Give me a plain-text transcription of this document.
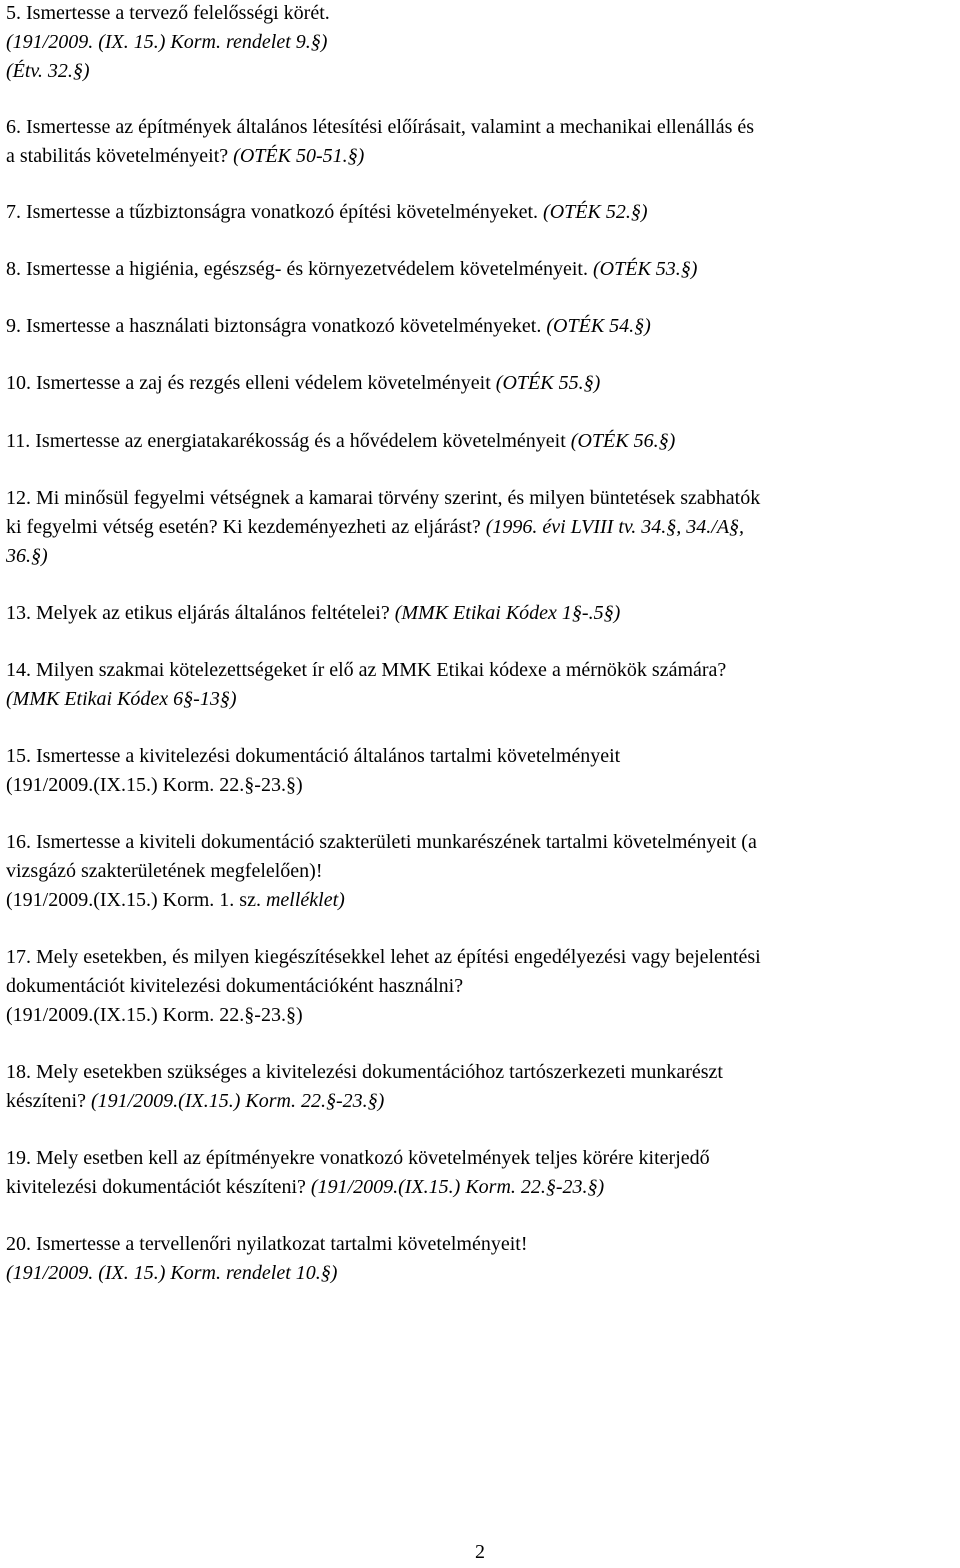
5. Ismertesse a tervező felelősségi körét.
(191/2009. (IX. 15.) Korm. rendelet 9.§)
(Étv. 32.§)
6. Ismertesse az építmények általános létesítési előírásait, valamint a mechanikai ellenállás és
a stabilitás követelményeit? (OTÉK 50-51.§)
7. Ismertesse a tűzbiztonságra vonatkozó építési követelményeket. (OTÉK 52.§)
8. Ismertesse a higiénia, egészség- és környezetvédelem követelményeit. (OTÉK 53.§)
9. Ismertesse a használati biztonságra vonatkozó követelményeket. (OTÉK 54.§)
10. Ismertesse a zaj és rezgés elleni védelem követelményeit (OTÉK 55.§)
11. Ismertesse az energiatakarékosság és a hővédelem követelményeit (OTÉK 56.§)
12. Mi minősül fegyelmi vétségnek a kamarai törvény szerint, és milyen büntetések szabhatók
ki fegyelmi vétség esetén? Ki kezdeményezheti az eljárást? (1996. évi LVIII tv. 34.§, 34./A§,
36.§)
13. Melyek az etikus eljárás általános feltételei? (MMK Etikai Kódex 1§-.5§)
14. Milyen szakmai kötelezettségeket ír elő az MMK Etikai kódexe a mérnökök számára?
(MMK Etikai Kódex 6§-13§)
15. Ismertesse a kivitelezési dokumentáció általános tartalmi követelményeit
(191/2009.(IX.15.) Korm. 22.§-23.§)
16. Ismertesse a kiviteli dokumentáció szakterületi munkarészének tartalmi követelményeit (a
vizsgázó szakterületének megfelelően)!
(191/2009.(IX.15.) Korm. 1. sz. melléklet)
17. Mely esetekben, és milyen kiegészítésekkel lehet az építési engedélyezési vagy bejelentési
dokumentációt kivitelezési dokumentációként használni?
(191/2009.(IX.15.) Korm. 22.§-23.§)
18. Mely esetekben szükséges a kivitelezési dokumentációhoz tartószerkezeti munkarészt
készíteni? (191/2009.(IX.15.) Korm. 22.§-23.§)
19. Mely esetben kell az építményekre vonatkozó követelmények teljes körére kiterjedő
kivitelezési dokumentációt készíteni? (191/2009.(IX.15.) Korm. 22.§-23.§)
20. Ismertesse a tervellenőri nyilatkozat tartalmi követelményeit!
(191/2009. (IX. 15.) Korm. rendelet 10.§)
2
